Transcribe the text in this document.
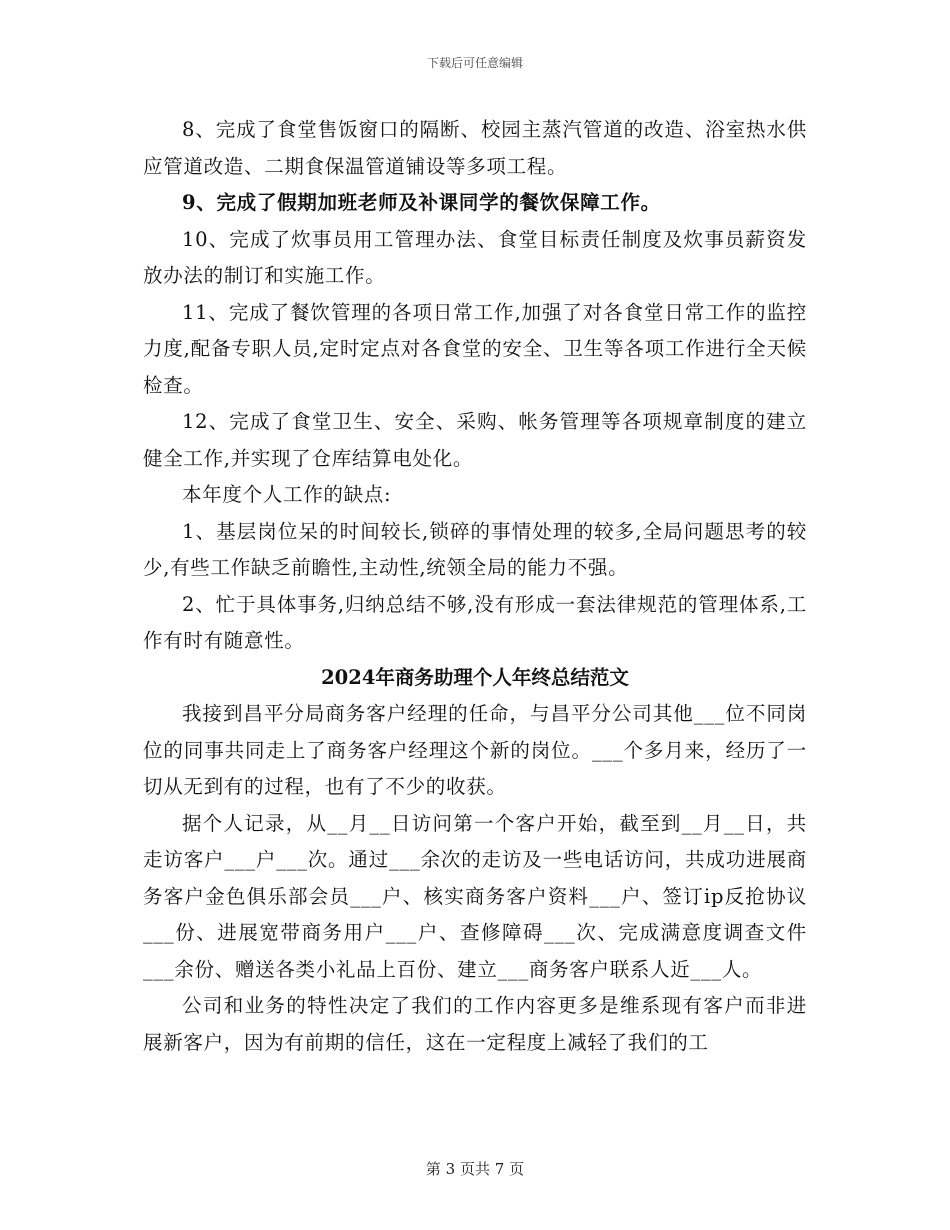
下载后可任意编辑

8、完成了食堂售饭窗口的隔断、校园主蒸汽管道的改造、浴室热水供应管道改造、二期食保温管道铺设等多项工程。

9、完成了假期加班老师及补课同学的餐饮保障工作。

10、完成了炊事员用工管理办法、食堂目标责任制度及炊事员薪资发放办法的制订和实施工作。

11、完成了餐饮管理的各项日常工作,加强了对各食堂日常工作的监控力度,配备专职人员,定时定点对各食堂的安全、卫生等各项工作进行全天候检查。

12、完成了食堂卫生、安全、采购、帐务管理等各项规章制度的建立健全工作,并实现了仓库结算电处化。

本年度个人工作的缺点:

1、基层岗位呆的时间较长,锁碎的事情处理的较多,全局问题思考的较少,有些工作缺乏前瞻性,主动性,统领全局的能力不强。

2、忙于具体事务,归纳总结不够,没有形成一套法律规范的管理体系,工作有时有随意性。

2024年商务助理个人年终总结范文

我接到昌平分局商务客户经理的任命，与昌平分公司其他___位不同岗位的同事共同走上了商务客户经理这个新的岗位。___个多月来，经历了一切从无到有的过程，也有了不少的收获。

据个人记录，从__月__日访问第一个客户开始，截至到__月__日，共走访客户___户___次。通过___余次的走访及一些电话访问，共成功进展商务客户金色俱乐部会员___户、核实商务客户资料___户、签订ip反抢协议___份、进展宽带商务用户___户、查修障碍___次、完成满意度调查文件___余份、赠送各类小礼品上百份、建立___商务客户联系人近___人。

公司和业务的特性决定了我们的工作内容更多是维系现有客户而非进展新客户，因为有前期的信任，这在一定程度上减轻了我们的工

第 3 页共 7 页
